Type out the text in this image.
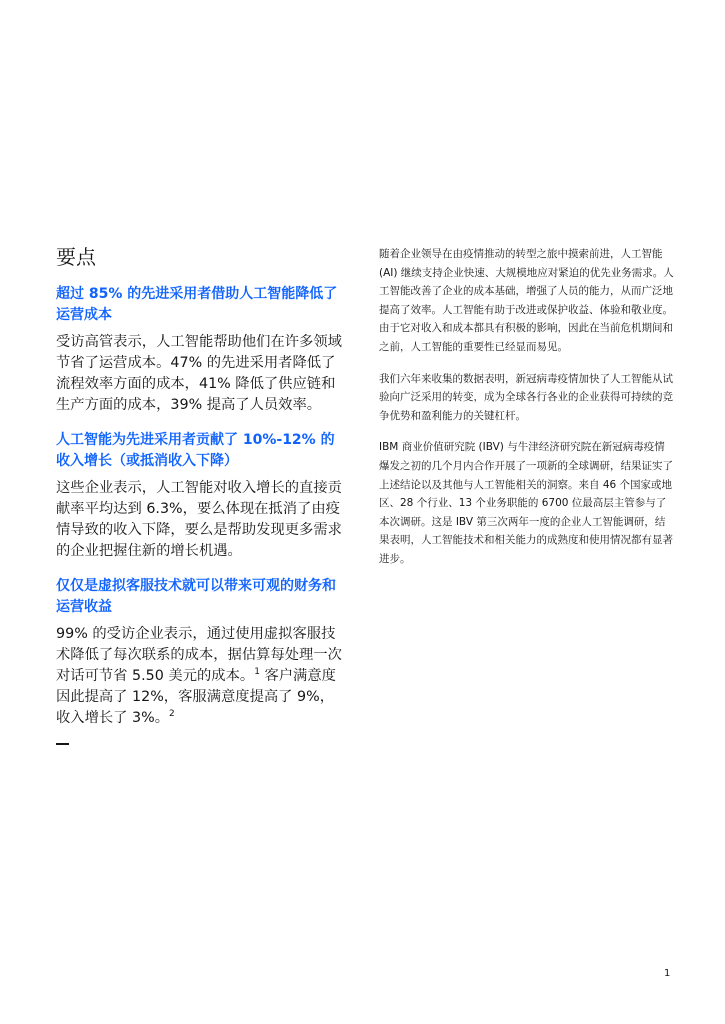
要点

超过 85% 的先进采用者借助人工智能降低了运营成本

受访高管表示，人工智能帮助他们在许多领域节省了运营成本。47% 的先进采用者降低了流程效率方面的成本，41% 降低了供应链和生产方面的成本，39% 提高了人员效率。

人工智能为先进采用者贡献了 10%-12% 的收入增长（或抵消收入下降）

这些企业表示，人工智能对收入增长的直接贡献率平均达到 6.3%，要么体现在抵消了由疫情导致的收入下降，要么是帮助发现更多需求的企业把握住新的增长机遇。

仅仅是虚拟客服技术就可以带来可观的财务和运营收益

99% 的受访企业表示，通过使用虚拟客服技术降低了每次联系的成本，据估算每处理一次对话可节省 5.50 美元的成本。$^1$ 客户满意度因此提高了 12%，客服满意度提高了 9%，收入增长了 3%。$^2$

随着企业领导在由疫情推动的转型之旅中摸索前进，人工智能 (AI) 继续支持企业快速、大规模地应对紧迫的优先业务需求。人工智能改善了企业的成本基础，增强了人员的能力，从而广泛地提高了效率。人工智能有助于改进或保护收益、体验和敬业度。由于它对收入和成本都具有积极的影响，因此在当前危机期间和之前，人工智能的重要性已经显而易见。

我们六年来收集的数据表明，新冠病毒疫情加快了人工智能从试验向广泛采用的转变，成为全球各行各业的企业获得可持续的竞争优势和盈利能力的关键杠杆。

IBM 商业价值研究院 (IBV) 与牛津经济研究院在新冠病毒疫情爆发之初的几个月内合作开展了一项新的全球调研，结果证实了上述结论以及其他与人工智能相关的洞察。来自 46 个国家或地区、28 个行业、13 个业务职能的 6700 位最高层主管参与了本次调研。这是 IBV 第三次两年一度的企业人工智能调研，结果表明，人工智能技术和相关能力的成熟度和使用情况都有显著进步。

1
